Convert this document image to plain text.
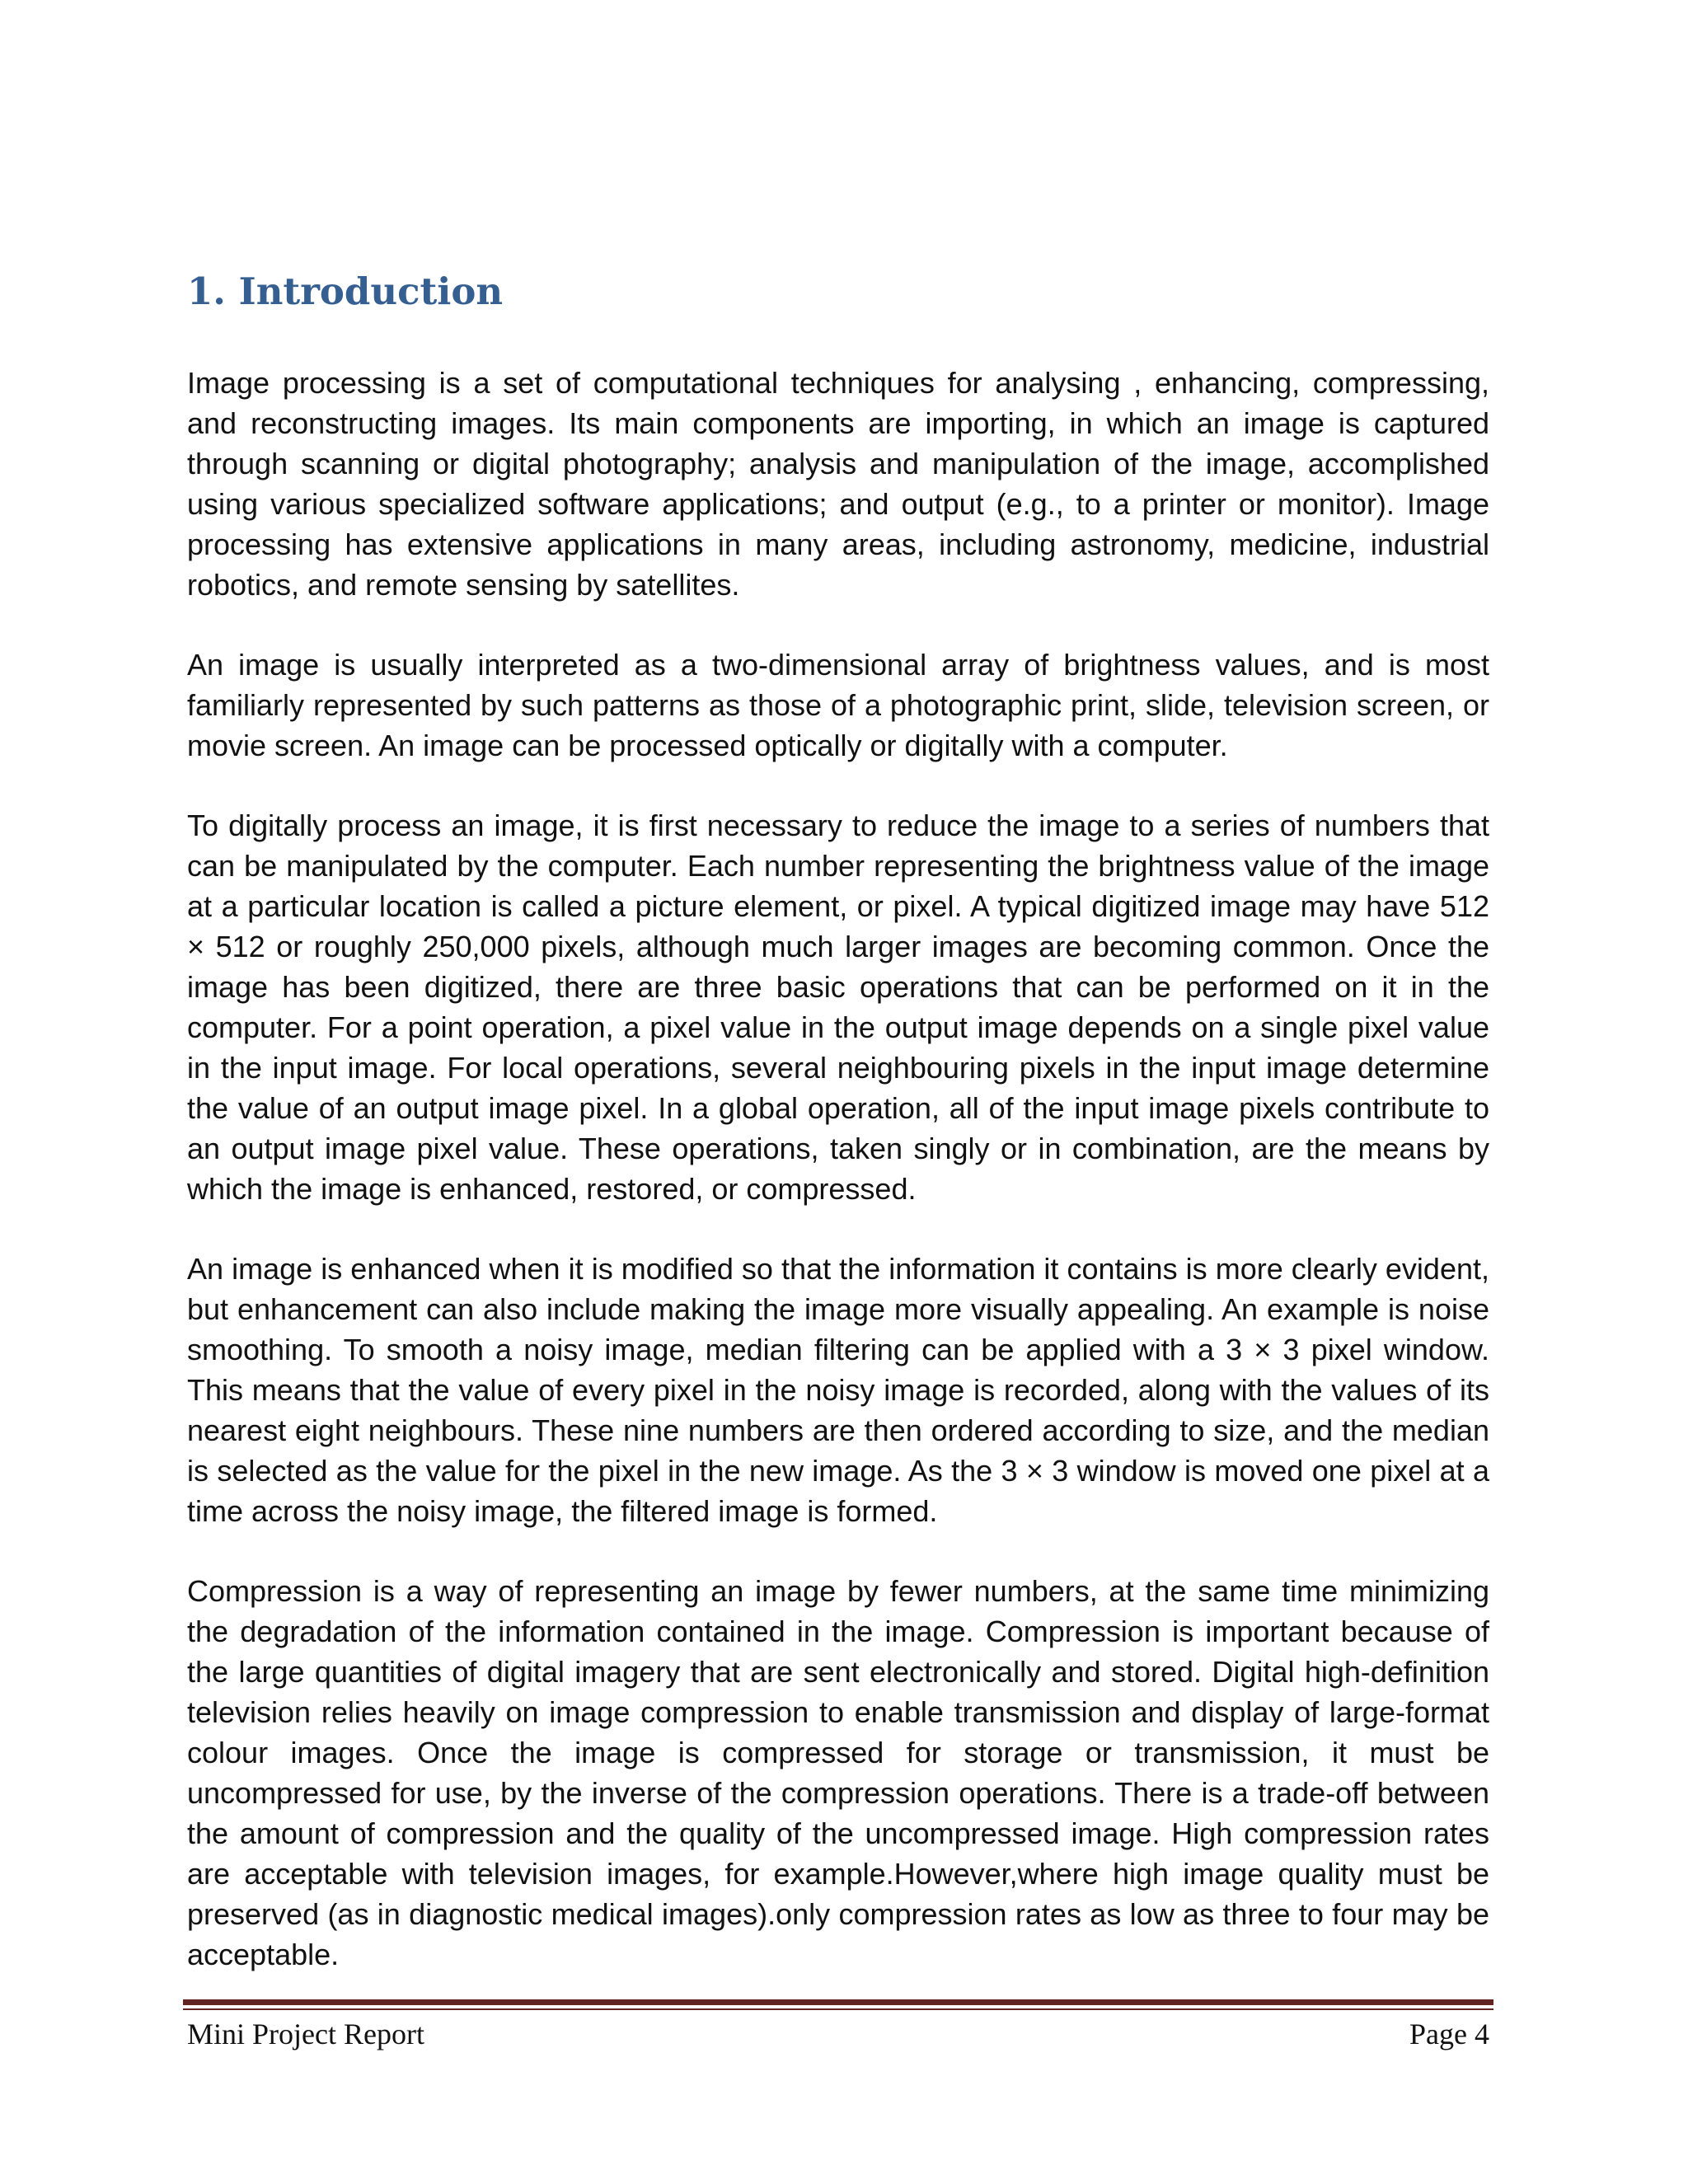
1. Introduction

Image processing is a set of computational techniques for analysing , enhancing, compressing, and reconstructing images. Its main components are importing, in which an image is captured through scanning or digital photography; analysis and manipulation of the image, accomplished using various specialized software applications; and output (e.g., to a printer or monitor). Image processing has extensive applications in many areas, including astronomy, medicine, industrial robotics, and remote sensing by satellites.

An image is usually interpreted as a two-dimensional array of brightness values, and is most familiarly represented by such patterns as those of a photographic print, slide, television screen, or movie screen. An image can be processed optically or digitally with a computer.

To digitally process an image, it is first necessary to reduce the image to a series of numbers that can be manipulated by the computer. Each number representing the brightness value of the image at a particular location is called a picture element, or pixel. A typical digitized image may have 512 × 512 or roughly 250,000 pixels, although much larger images are becoming common. Once the image has been digitized, there are three basic operations that can be performed on it in the computer. For a point operation, a pixel value in the output image depends on a single pixel value in the input image. For local operations, several neighbouring pixels in the input image determine the value of an output image pixel. In a global operation, all of the input image pixels contribute to an output image pixel value. These operations, taken singly or in combination, are the means by which the image is enhanced, restored, or compressed.

An image is enhanced when it is modified so that the information it contains is more clearly evident, but enhancement can also include making the image more visually appealing. An example is noise smoothing. To smooth a noisy image, median filtering can be applied with a 3 × 3 pixel window. This means that the value of every pixel in the noisy image is recorded, along with the values of its nearest eight neighbours. These nine numbers are then ordered according to size, and the median is selected as the value for the pixel in the new image. As the 3 × 3 window is moved one pixel at a time across the noisy image, the filtered image is formed.

Compression is a way of representing an image by fewer numbers, at the same time minimizing the degradation of the information contained in the image. Compression is important because of the large quantities of digital imagery that are sent electronically and stored. Digital high-definition television relies heavily on image compression to enable transmission and display of large-format colour images. Once the image is compressed for storage or transmission, it must be uncompressed for use, by the inverse of the compression operations. There is a trade-off between the amount of compression and the quality of the uncompressed image. High compression rates are acceptable with television images, for example.However,where high image quality must be preserved (as in diagnostic medical images).only compression rates as low as three to four may be acceptable.

Mini Project Report	Page 4
